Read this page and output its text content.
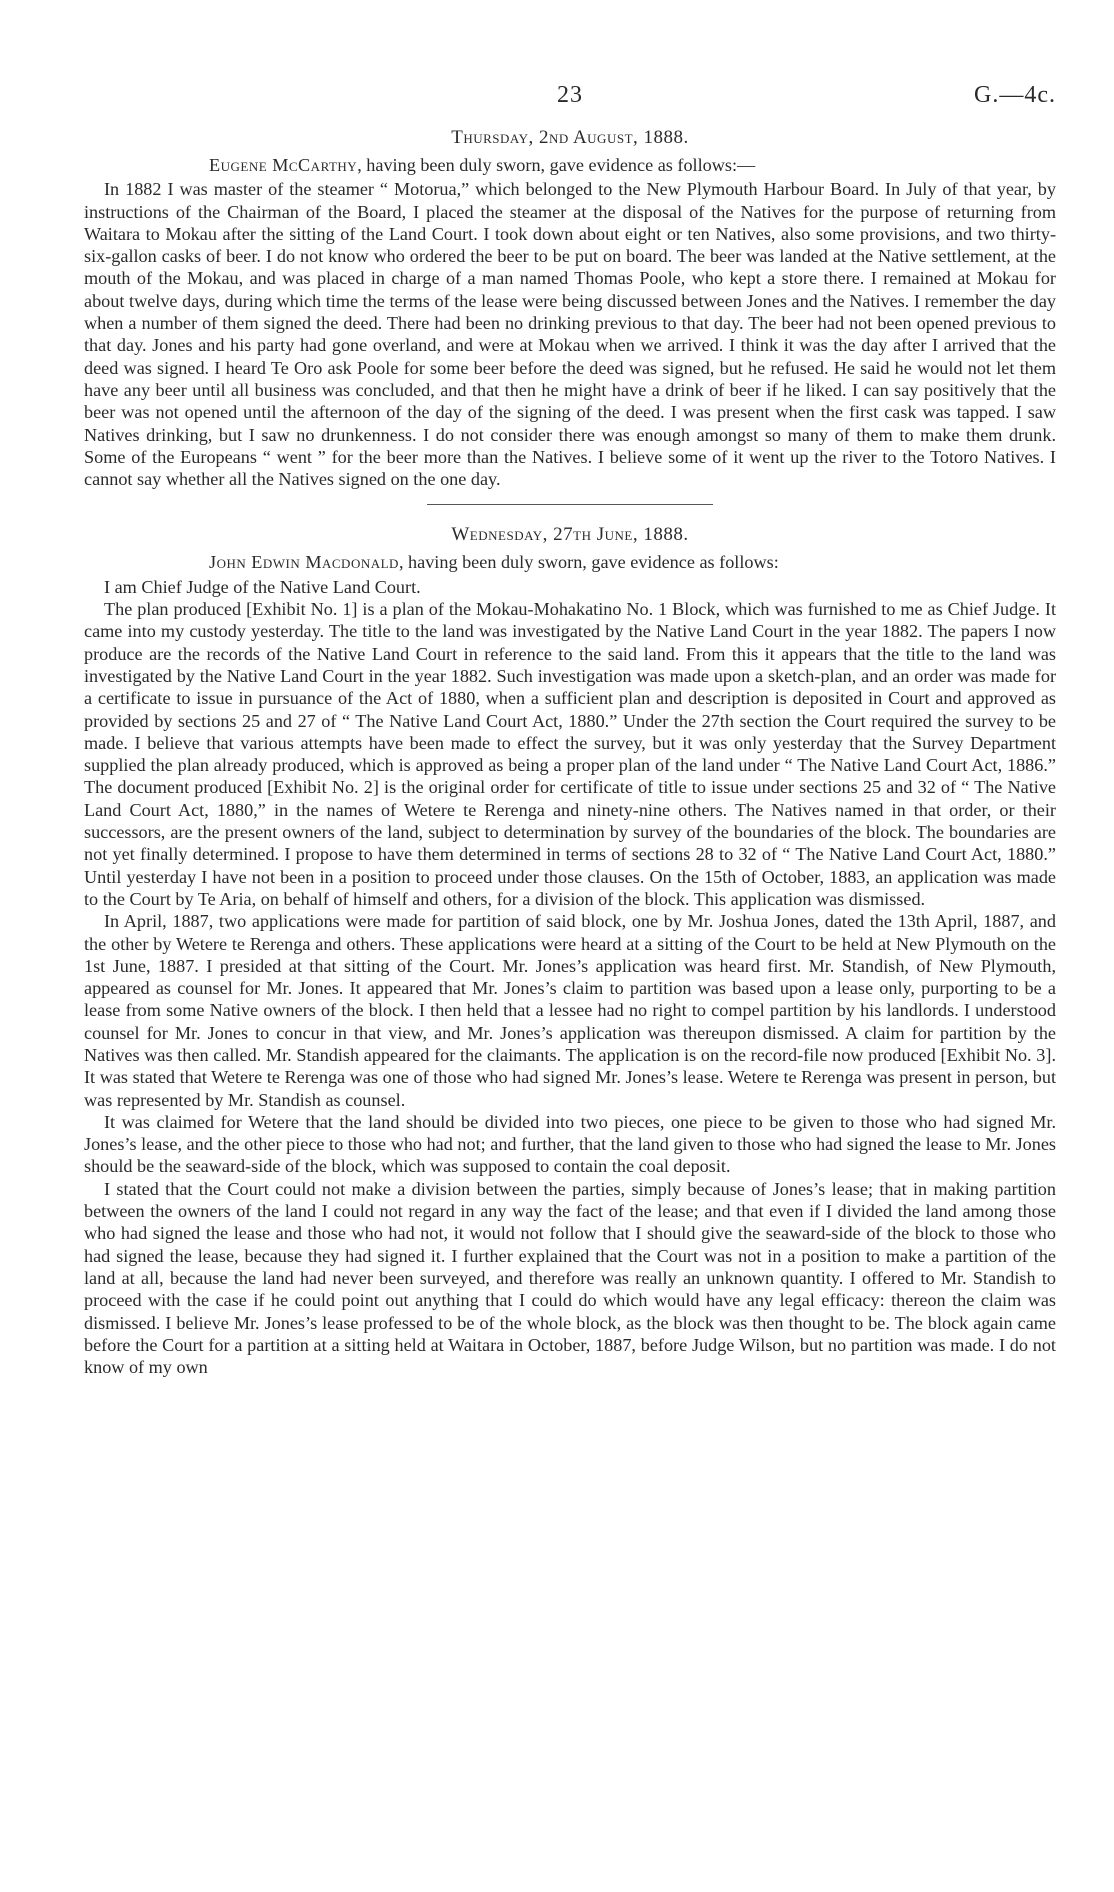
23	G.—4c.
Thursday, 2nd August, 1888.

Eugene McCarthy, having been duly sworn, gave evidence as follows:—

In 1882 I was master of the steamer “ Motorua,” which belonged to the New Plymouth Harbour Board. In July of that year, by instructions of the Chairman of the Board, I placed the steamer at the disposal of the Natives for the purpose of returning from Waitara to Mokau after the sitting of the Land Court. I took down about eight or ten Natives, also some provisions, and two thirty-six-gallon casks of beer. I do not know who ordered the beer to be put on board. The beer was landed at the Native settlement, at the mouth of the Mokau, and was placed in charge of a man named Thomas Poole, who kept a store there. I remained at Mokau for about twelve days, during which time the terms of the lease were being discussed between Jones and the Natives. I remember the day when a number of them signed the deed. There had been no drinking previous to that day. The beer had not been opened previous to that day. Jones and his party had gone overland, and were at Mokau when we arrived. I think it was the day after I arrived that the deed was signed. I heard Te Oro ask Poole for some beer before the deed was signed, but he refused. He said he would not let them have any beer until all business was concluded, and that then he might have a drink of beer if he liked. I can say positively that the beer was not opened until the afternoon of the day of the signing of the deed. I was present when the first cask was tapped. I saw Natives drinking, but I saw no drunkenness. I do not consider there was enough amongst so many of them to make them drunk. Some of the Europeans “ went ” for the beer more than the Natives. I believe some of it went up the river to the Totoro Natives. I cannot say whether all the Natives signed on the one day.

Wednesday, 27th June, 1888.

John Edwin Macdonald, having been duly sworn, gave evidence as follows:

I am Chief Judge of the Native Land Court.

The plan produced [Exhibit No. 1] is a plan of the Mokau-Mohakatino No. 1 Block, which was furnished to me as Chief Judge. It came into my custody yesterday. The title to the land was investigated by the Native Land Court in the year 1882. The papers I now produce are the records of the Native Land Court in reference to the said land. From this it appears that the title to the land was investigated by the Native Land Court in the year 1882. Such investigation was made upon a sketch-plan, and an order was made for a certificate to issue in pursuance of the Act of 1880, when a sufficient plan and description is deposited in Court and approved as provided by sections 25 and 27 of “ The Native Land Court Act, 1880.” Under the 27th section the Court required the survey to be made. I believe that various attempts have been made to effect the survey, but it was only yesterday that the Survey Department supplied the plan already produced, which is approved as being a proper plan of the land under “ The Native Land Court Act, 1886.” The document produced [Exhibit No. 2] is the original order for certificate of title to issue under sections 25 and 32 of “ The Native Land Court Act, 1880,” in the names of Wetere te Rerenga and ninety-nine others. The Natives named in that order, or their successors, are the present owners of the land, subject to determination by survey of the boundaries of the block. The boundaries are not yet finally determined. I propose to have them determined in terms of sections 28 to 32 of “ The Native Land Court Act, 1880.” Until yesterday I have not been in a position to proceed under those clauses. On the 15th of October, 1883, an application was made to the Court by Te Aria, on behalf of himself and others, for a division of the block. This application was dismissed.

In April, 1887, two applications were made for partition of said block, one by Mr. Joshua Jones, dated the 13th April, 1887, and the other by Wetere te Rerenga and others. These applications were heard at a sitting of the Court to be held at New Plymouth on the 1st June, 1887. I presided at that sitting of the Court. Mr. Jones’s application was heard first. Mr. Standish, of New Plymouth, appeared as counsel for Mr. Jones. It appeared that Mr. Jones’s claim to partition was based upon a lease only, purporting to be a lease from some Native owners of the block. I then held that a lessee had no right to compel partition by his landlords. I understood counsel for Mr. Jones to concur in that view, and Mr. Jones’s application was thereupon dismissed. A claim for partition by the Natives was then called. Mr. Standish appeared for the claimants. The application is on the record-file now produced [Exhibit No. 3]. It was stated that Wetere te Rerenga was one of those who had signed Mr. Jones’s lease. Wetere te Rerenga was present in person, but was represented by Mr. Standish as counsel.

It was claimed for Wetere that the land should be divided into two pieces, one piece to be given to those who had signed Mr. Jones’s lease, and the other piece to those who had not; and further, that the land given to those who had signed the lease to Mr. Jones should be the seaward-side of the block, which was supposed to contain the coal deposit.

I stated that the Court could not make a division between the parties, simply because of Jones’s lease; that in making partition between the owners of the land I could not regard in any way the fact of the lease; and that even if I divided the land among those who had signed the lease and those who had not, it would not follow that I should give the seaward-side of the block to those who had signed the lease, because they had signed it. I further explained that the Court was not in a position to make a partition of the land at all, because the land had never been surveyed, and therefore was really an unknown quantity. I offered to Mr. Standish to proceed with the case if he could point out anything that I could do which would have any legal efficacy: thereon the claim was dismissed. I believe Mr. Jones’s lease professed to be of the whole block, as the block was then thought to be. The block again came before the Court for a partition at a sitting held at Waitara in October, 1887, before Judge Wilson, but no partition was made. I do not know of my own
